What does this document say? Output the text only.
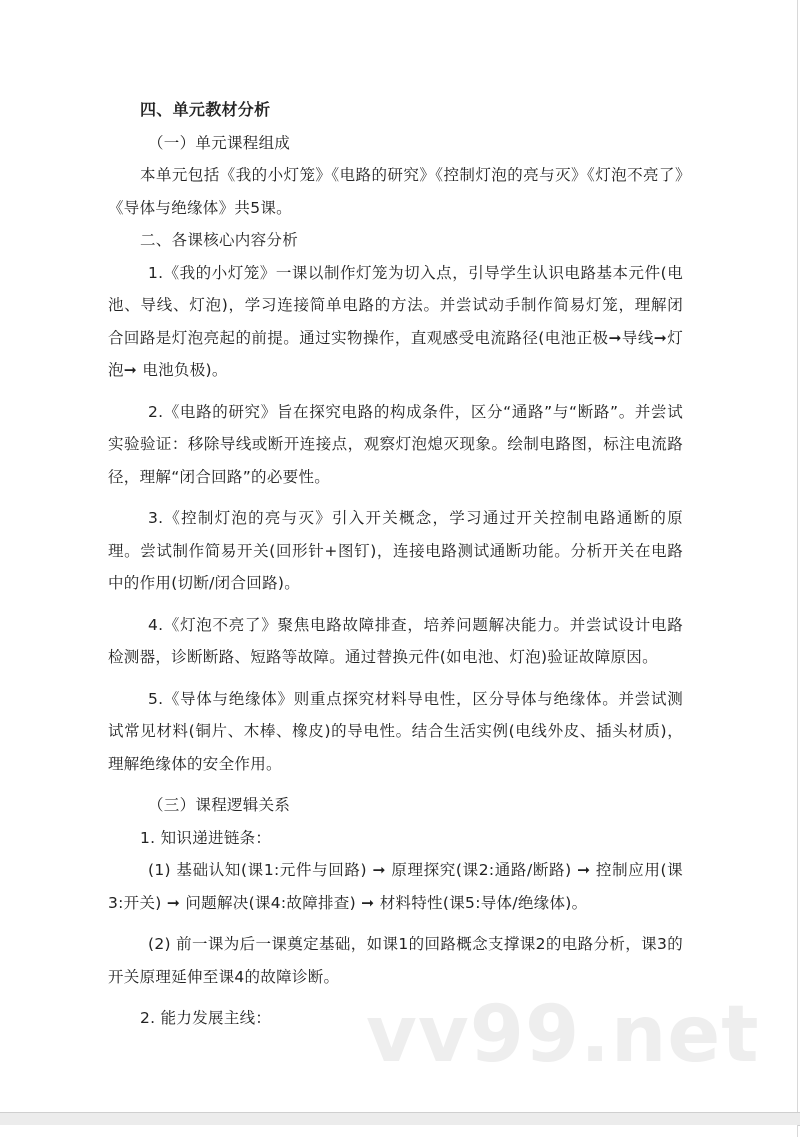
四、单元教材分析

（一）单元课程组成

本单元包括《我的小灯笼》《电路的研究》《控制灯泡的亮与灭》《灯泡不亮了》《导体与绝缘体》共5课。

二、各课核心内容分析

1.《我的小灯笼》一课以制作灯笼为切入点，引导学生认识电路基本元件(电池、导线、灯泡)，学习连接简单电路的方法。并尝试动手制作简易灯笼，理解闭合回路是灯泡亮起的前提。通过实物操作，直观感受电流路径(电池正极➞导线➞灯泡➞ 电池负极)。

2.《电路的研究》旨在探究电路的构成条件，区分“通路”与“断路”。并尝试实验验证：移除导线或断开连接点，观察灯泡熄灭现象。绘制电路图，标注电流路径，理解“闭合回路”的必要性。

3.《控制灯泡的亮与灭》引入开关概念，学习通过开关控制电路通断的原理。尝试制作简易开关(回形针+图钉)，连接电路测试通断功能。分析开关在电路中的作用(切断/闭合回路)。

4.《灯泡不亮了》聚焦电路故障排查，培养问题解决能力。并尝试设计电路检测器，诊断断路、短路等故障。通过替换元件(如电池、灯泡)验证故障原因。

5.《导体与绝缘体》则重点探究材料导电性，区分导体与绝缘体。并尝试测试常见材料(铜片、木棒、橡皮)的导电性。结合生活实例(电线外皮、插头材质)，理解绝缘体的安全作用。

（三）课程逻辑关系

1. 知识递进链条：

(1) 基础认知(课1:元件与回路) ➞ 原理探究(课2:通路/断路) ➞ 控制应用(课3:开关) ➞ 问题解决(课4:故障排查) ➞ 材料特性(课5:导体/绝缘体)。

(2) 前一课为后一课奠定基础，如课1的回路概念支撑课2的电路分析，课3的开关原理延伸至课4的故障诊断。

2. 能力发展主线：	vv99.net
